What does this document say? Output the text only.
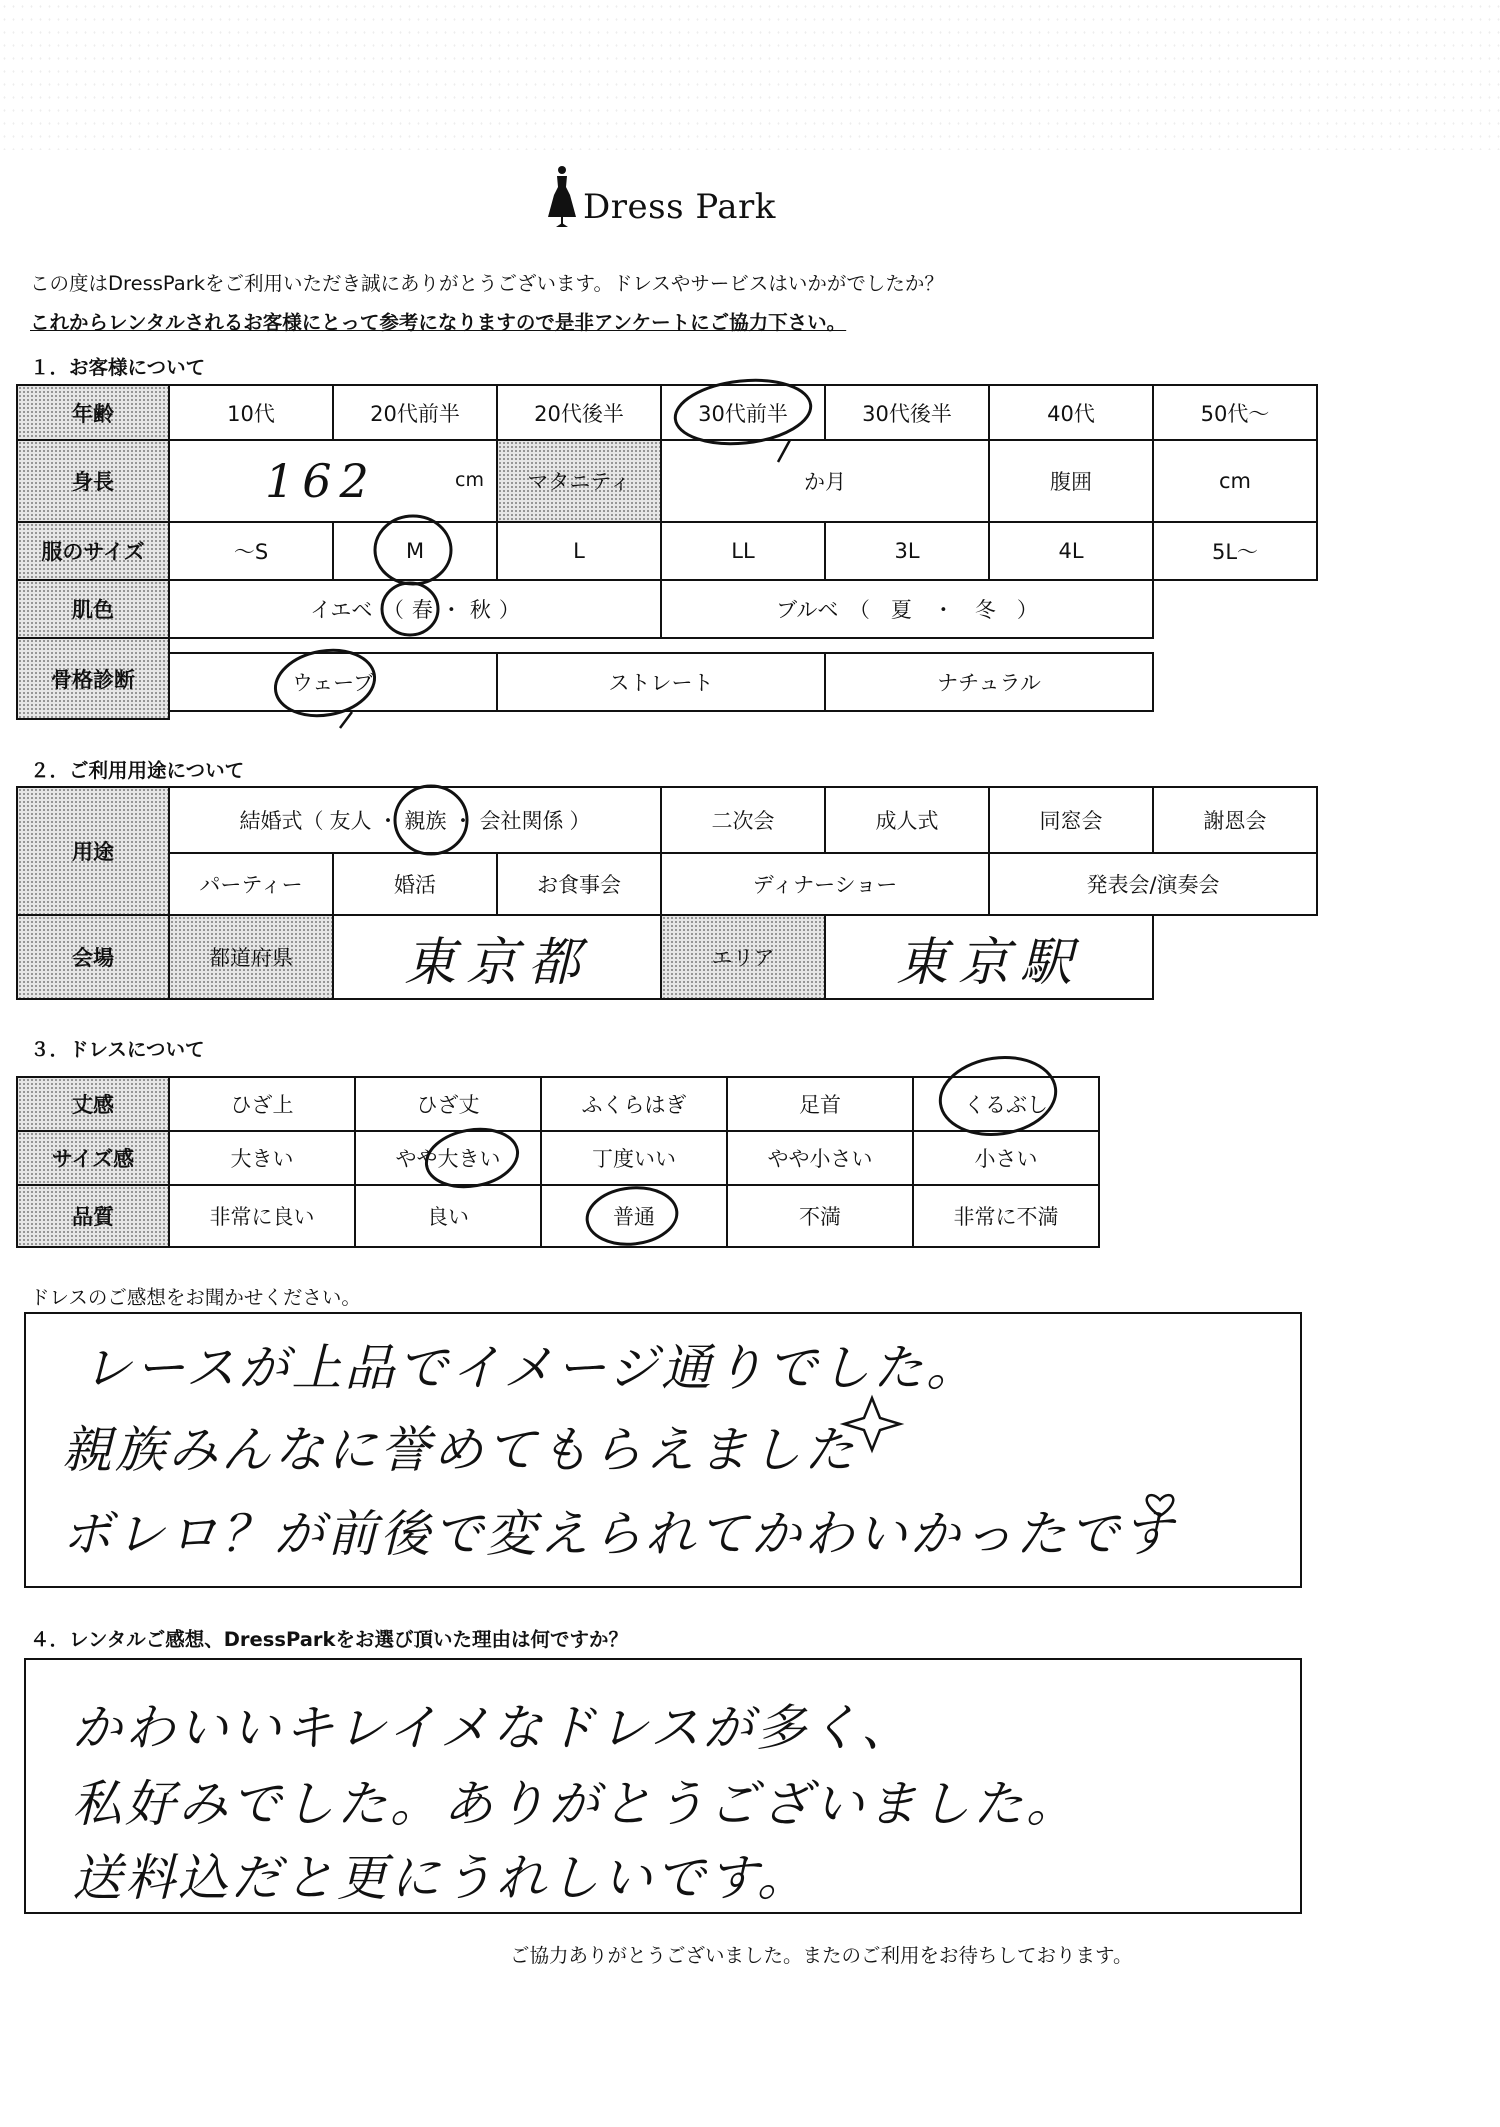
Dress Park
この度はDressParkをご利用いただき誠にありがとうございます。ドレスやサービスはいかがでしたか？
これからレンタルされるお客様にとって参考になりますので是非アンケートにご協力下さい。
１．お客様について
年齢	10代	20代前半	20代後半	30代前半	30代後半	40代	50代～
身長	162	cm	マタニティ	か月	腹囲	cm
服のサイズ	～S	M	L	LL	3L	4L	5L～
肌色	イエベ　（ 春 ・ 秋 ）	ブルベ　（　夏　・　冬　）
骨格診断	ウェーブ	ストレート	ナチュラル
２．ご利用用途について
用途
結婚式（ 友人 ・ 親族 ・ 会社関係 ）	二次会	成人式	同窓会	謝恩会
パーティー	婚活	お食事会	ディナーショー	発表会/演奏会
会場	都道府県	東京都	エリア	東京駅
３．ドレスについて
丈感	ひざ上	ひざ丈	ふくらはぎ	足首	くるぶし
サイズ感	大きい	やや大きい	丁度いい	やや小さい	小さい
品質	非常に良い	良い	普通	不満	非常に不満
ドレスのご感想をお聞かせください。
レースが上品でイメージ通りでした。
親族みんなに誉めてもらえました
ボレロ？が前後で変えられてかわいかったです
４．レンタルご感想、DressParkをお選び頂いた理由は何ですか？
かわいいキレイメなドレスが多く、
私好みでした。ありがとうございました。
送料込だと更にうれしいです。
ご協力ありがとうございました。またのご利用をお待ちしております。
